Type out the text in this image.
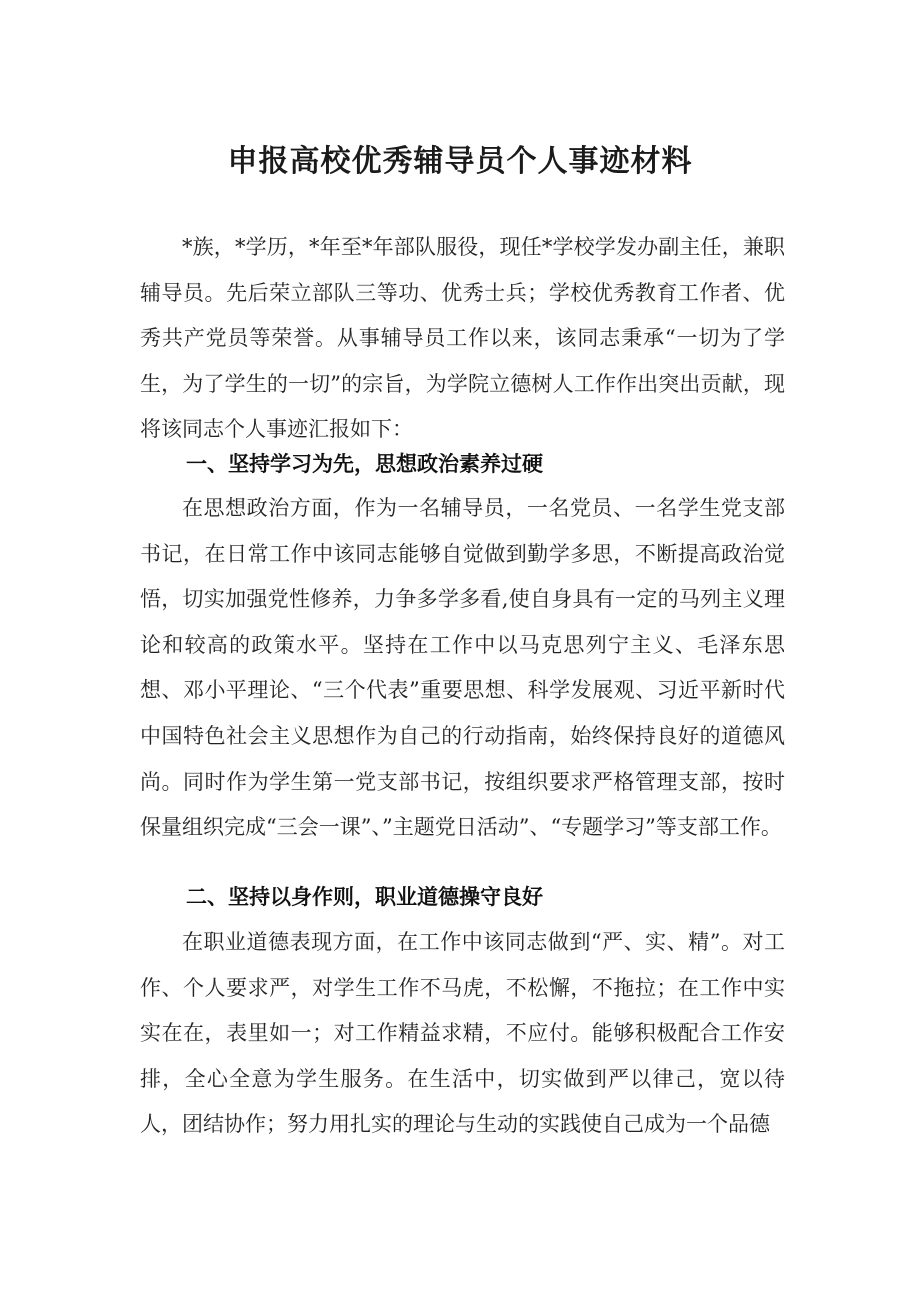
申报高校优秀辅导员个人事迹材料

*族，*学历，*年至*年部队服役，现任*学校学发办副主任，兼职辅导员。先后荣立部队三等功、优秀士兵；学校优秀教育工作者、优秀共产党员等荣誉。从事辅导员工作以来，该同志秉承“一切为了学生，为了学生的一切”的宗旨，为学院立德树人工作作出突出贡献，现将该同志个人事迹汇报如下：

一、坚持学习为先，思想政治素养过硬

在思想政治方面，作为一名辅导员，一名党员、一名学生党支部书记，在日常工作中该同志能够自觉做到勤学多思，不断提高政治觉悟，切实加强党性修养，力争多学多看,使自身具有一定的马列主义理论和较高的政策水平。坚持在工作中以马克思列宁主义、毛泽东思想、邓小平理论、“三个代表”重要思想、科学发展观、习近平新时代中国特色社会主义思想作为自己的行动指南，始终保持良好的道德风尚。同时作为学生第一党支部书记，按组织要求严格管理支部，按时保量组织完成“三会一课”、”主题党日活动”、“专题学习”等支部工作。

二、坚持以身作则，职业道德操守良好

在职业道德表现方面，在工作中该同志做到“严、实、精”。对工作、个人要求严，对学生工作不马虎，不松懈，不拖拉；在工作中实实在在，表里如一；对工作精益求精，不应付。能够积极配合工作安排，全心全意为学生服务。在生活中，切实做到严以律己，宽以待人，团结协作；努力用扎实的理论与生动的实践使自己成为一个品德
